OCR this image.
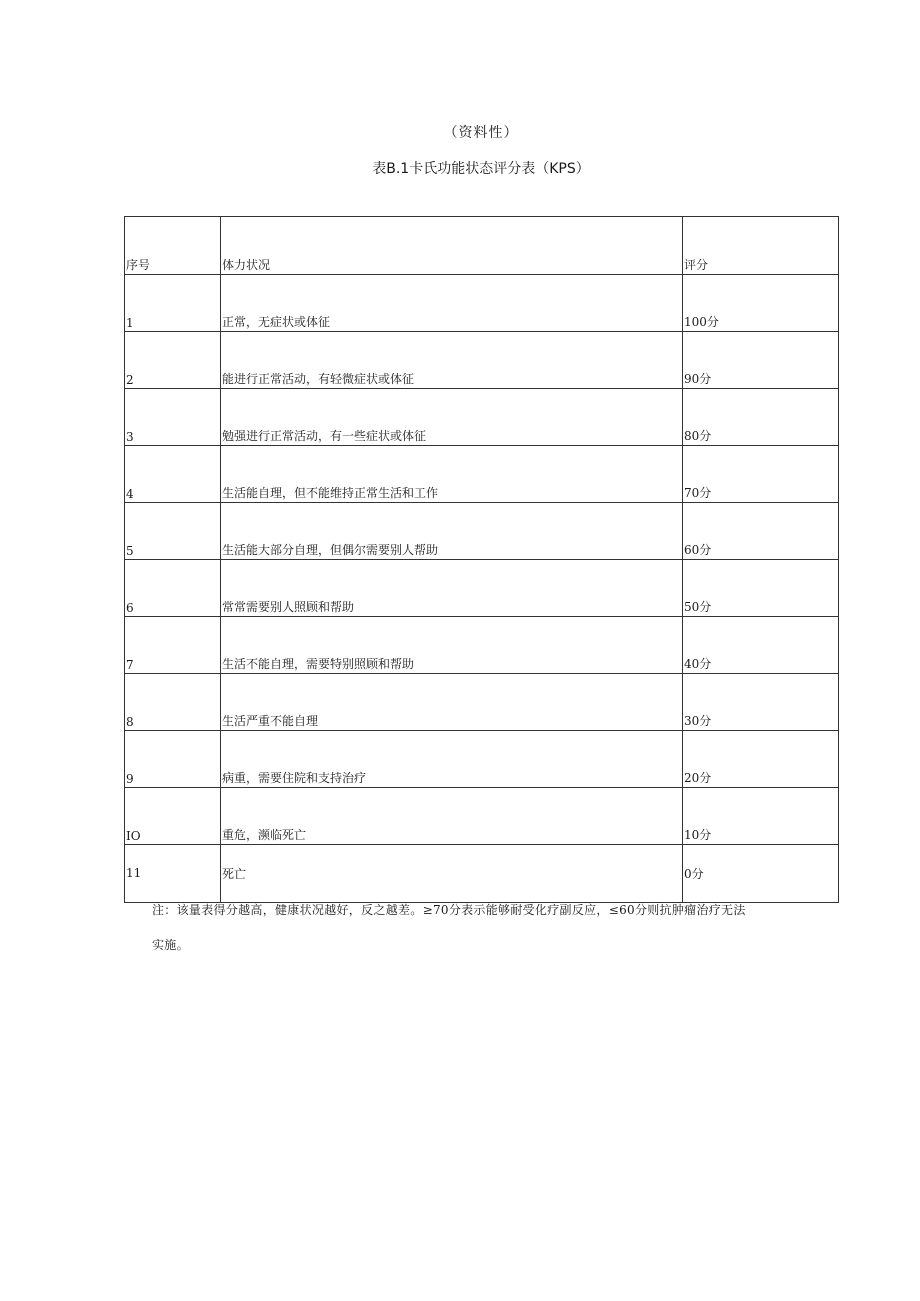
（资料性）
表B.1卡氏功能状态评分表（KPS）
序号	体力状况	评分
1	正常，无症状或体征	100分
2	能进行正常活动，有轻微症状或体征	90分
3	勉强进行正常活动，有一些症状或体征	80分
4	生活能自理，但不能维持正常生活和工作	70分
5	生活能大部分自理，但偶尔需要别人帮助	60分
6	常常需要别人照顾和帮助	50分
7	生活不能自理，需要特别照顾和帮助	40分
8	生活严重不能自理	30分
9	病重，需要住院和支持治疗	20分
IO	重危，濒临死亡	10分
11	死亡	0分
注：该量表得分越高，健康状况越好，反之越差。≥70分表示能够耐受化疗副反应，≤60分则抗肿瘤治疗无法
实施。
